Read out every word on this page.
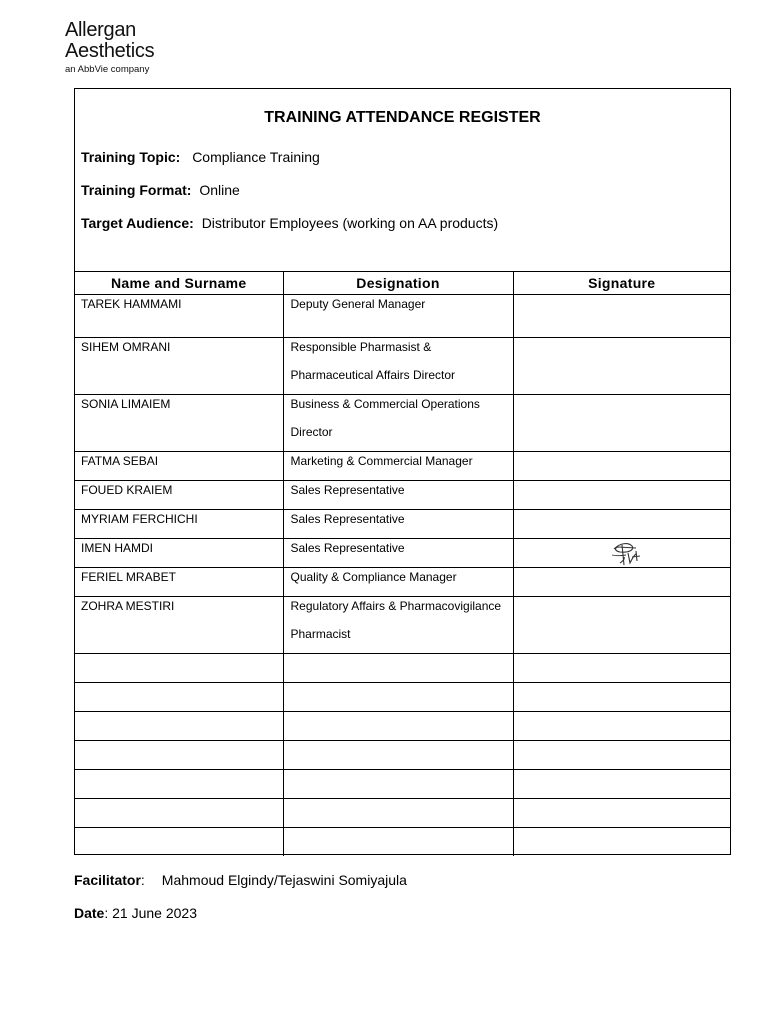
Allergan
Aesthetics
an AbbVie company
TRAINING ATTENDANCE REGISTER
Training Topic: Compliance Training
Training Format: Online
Target Audience: Distributor Employees (working on AA products)
Name and Surname	Designation	Signature
TAREK HAMMAMI	Deputy General Manager	

SIHEM OMRANI	Responsible Pharmasist & Pharmaceutical Affairs Director	

SONIA LIMAIEM	Business & Commercial Operations Director	

FATMA SEBAI	Marketing & Commercial Manager	

FOUED KRAIEM	Sales Representative	

MYRIAM FERCHICHI	Sales Representative	

IMEN HAMDI	Sales Representative

FERIEL MRABET	Quality & Compliance Manager	

ZOHRA MESTIRI	Regulatory Affairs & Pharmacovigilance Pharmacist	

Facilitator: Mahmoud Elgindy/Tejaswini Somiyajula
Date: 21 June 2023
